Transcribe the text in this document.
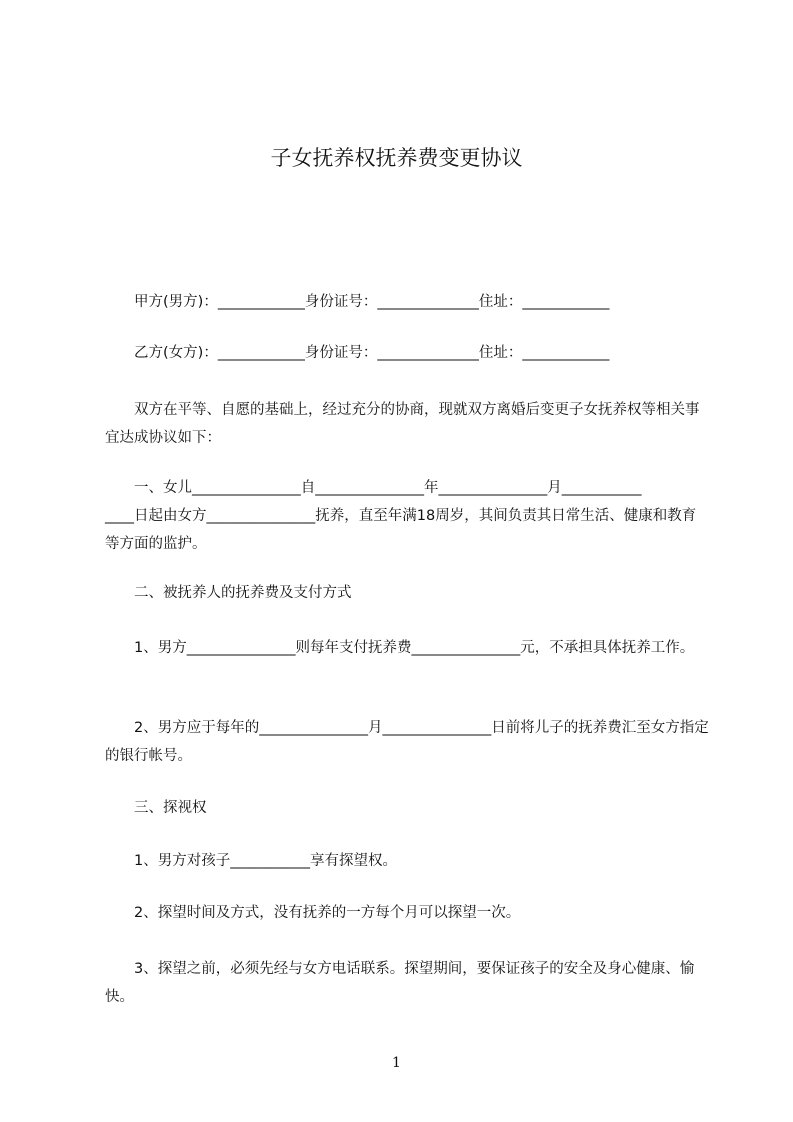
子女抚养权抚养费变更协议
　　甲方(男方)：____________身份证号：______________住址：____________
　　乙方(女方)：____________身份证号：______________住址：____________
　　双方在平等、自愿的基础上，经过充分的协商，现就双方离婚后变更子女抚养权等相关事宜达成协议如下：
　　一、女儿_______________自_______________年_______________月___________
____日起由女方_______________抚养，直至年满18周岁，其间负责其日常生活、健康和教育等方面的监护。
　　二、被抚养人的抚养费及支付方式
　　1、男方_______________则每年支付抚养费_______________元，不承担具体抚养工作。
　　2、男方应于每年的_______________月_______________日前将儿子的抚养费汇至女方指定的银行帐号。
　　三、探视权
　　1、男方对孩子___________享有探望权。
　　2、探望时间及方式，没有抚养的一方每个月可以探望一次。
　　3、探望之前，必须先经与女方电话联系。探望期间，要保证孩子的安全及身心健康、愉快。
1
